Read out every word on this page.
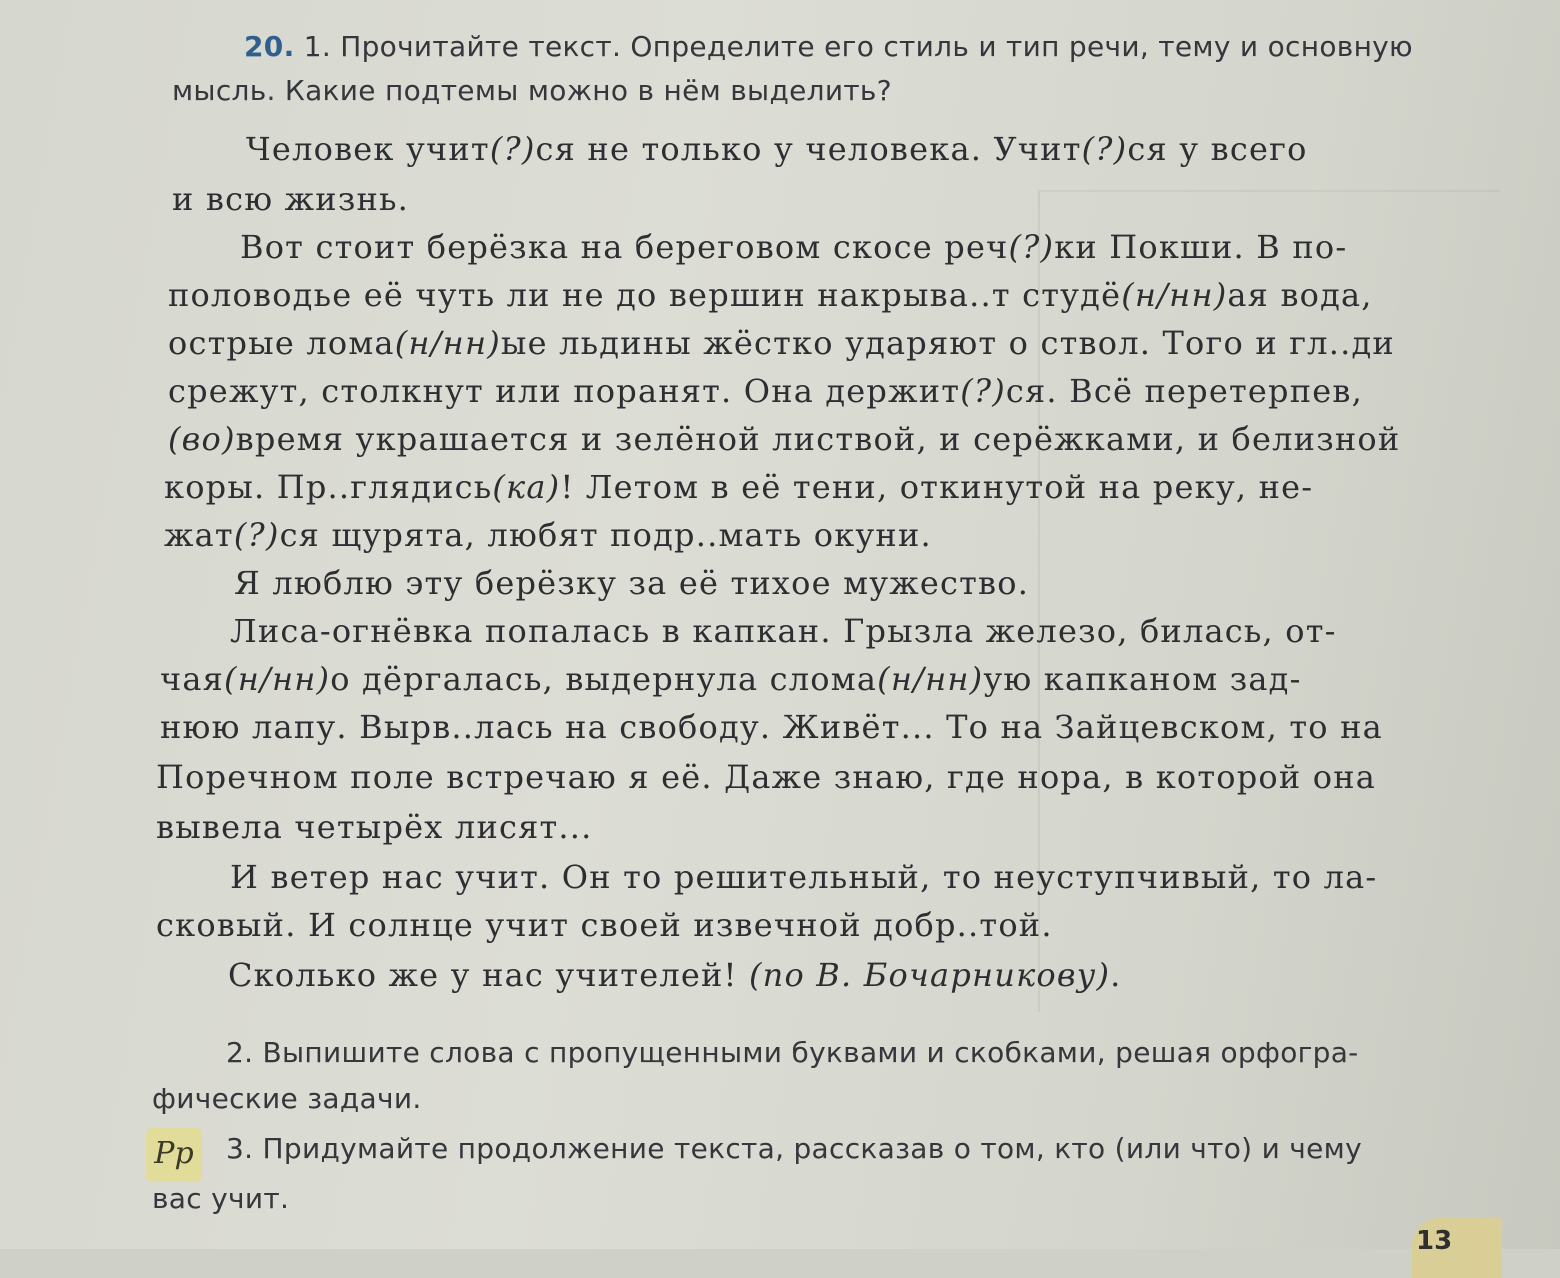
20. 1. Прочитайте текст. Определите его стиль и тип речи, тему и основную
мысль. Какие подтемы можно в нём выделить?
Человек учит(?)ся не только у человека. Учит(?)ся у всего
и всю жизнь.
Вот стоит берёзка на береговом скосе реч(?)ки Покши. В по-
половодье её чуть ли не до вершин накрыва..т студё(н/нн)ая вода,
острые лома(н/нн)ые льдины жёстко ударяют о ствол. Того и гл..ди
срежут, столкнут или поранят. Она держит(?)ся. Всё перетерпев,
(во)время украшается и зелёной листвой, и серёжками, и белизной
коры. Пр..глядись(ка)! Летом в её тени, откинутой на реку, не-
жат(?)ся щурята, любят подр..мать окуни.
Я люблю эту берёзку за её тихое мужество.
Лиса-огнёвка попалась в капкан. Грызла железо, билась, от-
чая(н/нн)о дёргалась, выдернула слома(н/нн)ую капканом зад-
нюю лапу. Вырв..лась на свободу. Живёт... То на Зайцевском, то на
Поречном поле встречаю я её. Даже знаю, где нора, в которой она
вывела четырёх лисят...
И ветер нас учит. Он то решительный, то неуступчивый, то ла-
сковый. И солнце учит своей извечной добр..той.
Сколько же у нас учителей! (по В. Бочарникову).
2. Выпишите слова с пропущенными буквами и скобками, решая орфогра-
фические задачи.
Pp 3. Придумайте продолжение текста, рассказав о том, кто (или что) и чему
вас учит.
13
